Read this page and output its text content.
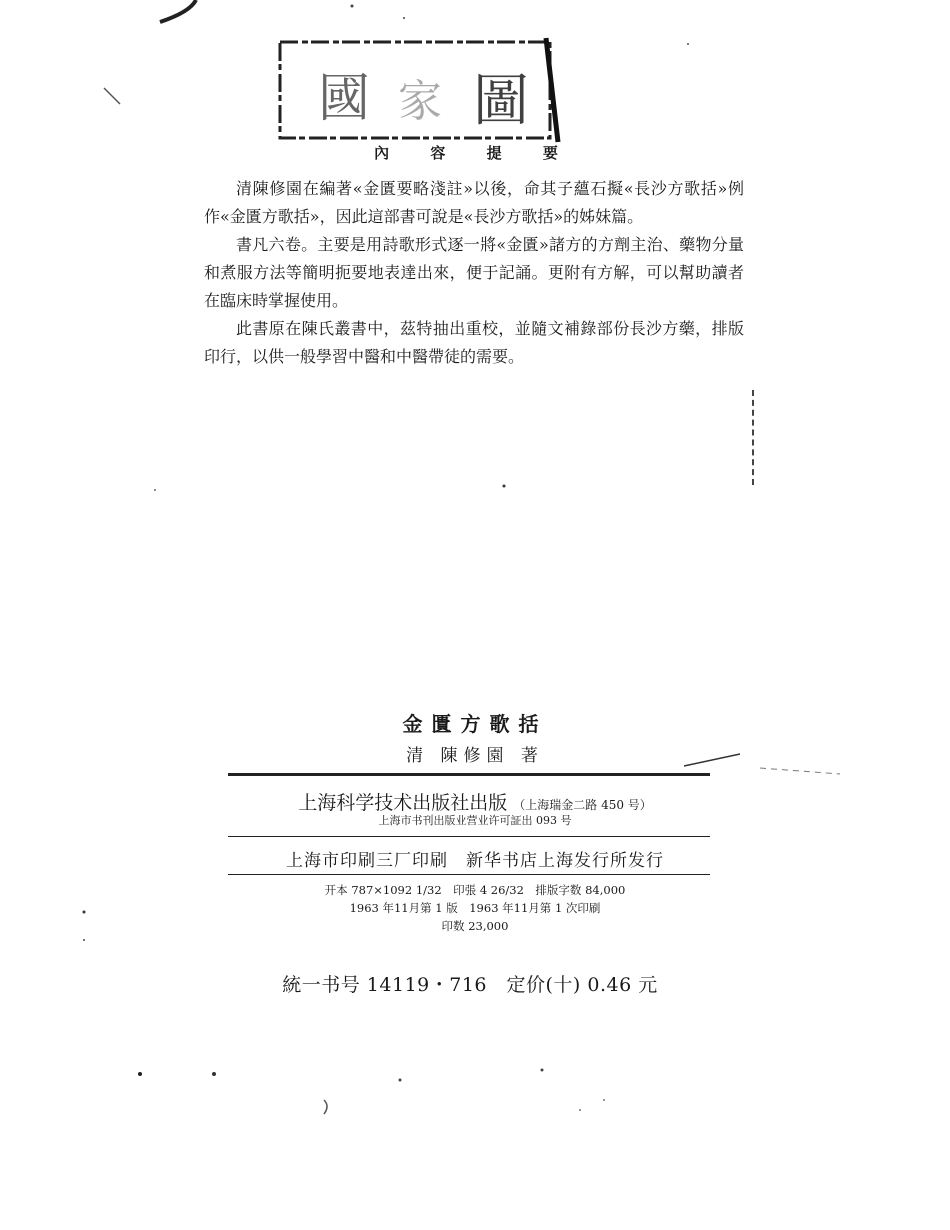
國 家 圖
內 容 提 要

清陳修園在編著«金匱要略淺註»以後，命其子蘊石擬«長沙方歌括»例作«金匱方歌括»，因此這部書可說是«長沙方歌括»的姊妹篇。

書凡六卷。主要是用詩歌形式逐一將«金匱»諸方的方劑主治、藥物分量和煮服方法等簡明扼要地表達出來，便于記誦。更附有方解，可以幫助讀者在臨床時掌握使用。

此書原在陳氏叢書中，茲特抽出重校，並隨文補錄部份長沙方藥，排版印行，以供一般學習中醫和中醫帶徒的需要。

金匱方歌括
清 陳修園 著
上海科学技术出版社出版 （上海瑞金二路 450 号）
上海市书刊出版业营业许可証出 093 号
上海市印刷三厂印刷　新华书店上海发行所发行
开本 787×1092 1/32　印張 4 26/32　排版字数 84,000
1963 年11月第 1 版　1963 年11月第 1 次印刷
印数 23,000
統一书号 14119・716　定价(十) 0.46 元
